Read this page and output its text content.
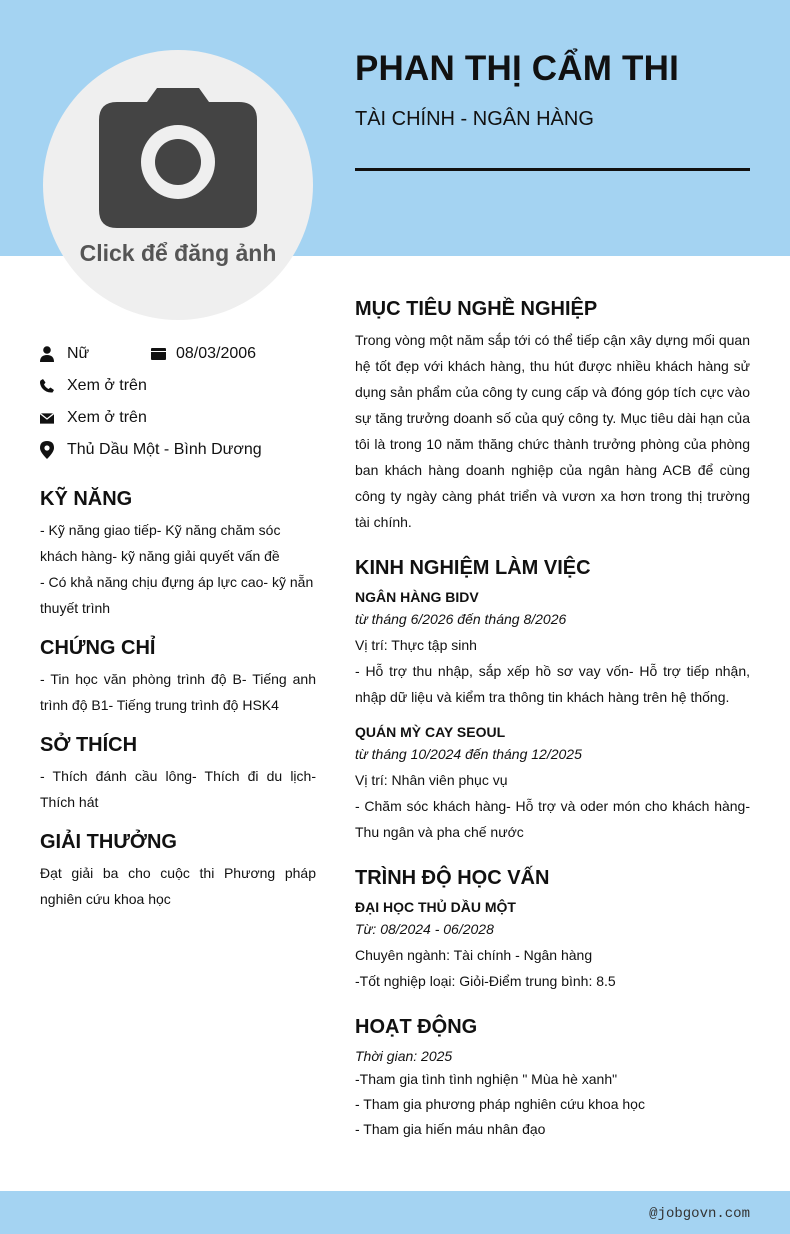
Click để đăng ảnh
PHAN THỊ CẨM THI
TÀI CHÍNH - NGÂN HÀNG
Nữ	08/03/2006
Xem ở trên
Xem ở trên
Thủ Dầu Một - Bình Dương
KỸ NĂNG
- Kỹ năng giao tiếp- Kỹ năng chăm sóc khách hàng- kỹ năng giải quyết vấn đề
- Có khả năng chịu đựng áp lực cao- kỹ nẵn thuyết trình
CHỨNG CHỈ
- Tin học văn phòng trình độ B- Tiếng anh trình độ B1- Tiếng trung trình độ HSK4
SỞ THÍCH
- Thích đánh cầu lông- Thích đi du lịch- Thích hát
GIẢI THƯỞNG
Đạt giải ba cho cuộc thi Phương pháp nghiên cứu khoa học
MỤC TIÊU NGHỀ NGHIỆP
Trong vòng một năm sắp tới có thể tiếp cận xây dựng mối quan hệ tốt đẹp với khách hàng, thu hút được nhiều khách hàng sử dụng sản phẩm của công ty cung cấp và đóng góp tích cực vào sự tăng trưởng doanh số của quý công ty. Mục tiêu dài hạn của tôi là trong 10 năm thăng chức thành trưởng phòng của phòng ban khách hàng doanh nghiệp của ngân hàng ACB để cùng công ty ngày càng phát triển và vươn xa hơn trong thị trường tài chính.
KINH NGHIỆM LÀM VIỆC
NGÂN HÀNG BIDV
từ tháng 6/2026 đến tháng 8/2026
Vị trí: Thực tập sinh
- Hỗ trợ thu nhập, sắp xếp hồ sơ vay vốn- Hỗ trợ tiếp nhận, nhập dữ liệu và kiểm tra thông tin khách hàng trên hệ thống.
QUÁN MỲ CAY SEOUL
từ tháng 10/2024 đến tháng 12/2025
Vị trí: Nhân viên phục vụ
- Chăm sóc khách hàng- Hỗ trợ và oder món cho khách hàng-Thu ngân và pha chế nước
TRÌNH ĐỘ HỌC VẤN
ĐẠI HỌC THỦ DẦU MỘT
Từ: 08/2024 - 06/2028
Chuyên ngành: Tài chính - Ngân hàng
-Tốt nghiệp loại: Giỏi-Điểm trung bình: 8.5
HOẠT ĐỘNG
Thời gian: 2025
-Tham gia tình tình nghiện " Mùa hè xanh"
- Tham gia phương pháp nghiên cứu khoa học
- Tham gia hiến máu nhân đạo
@jobgovn.com
